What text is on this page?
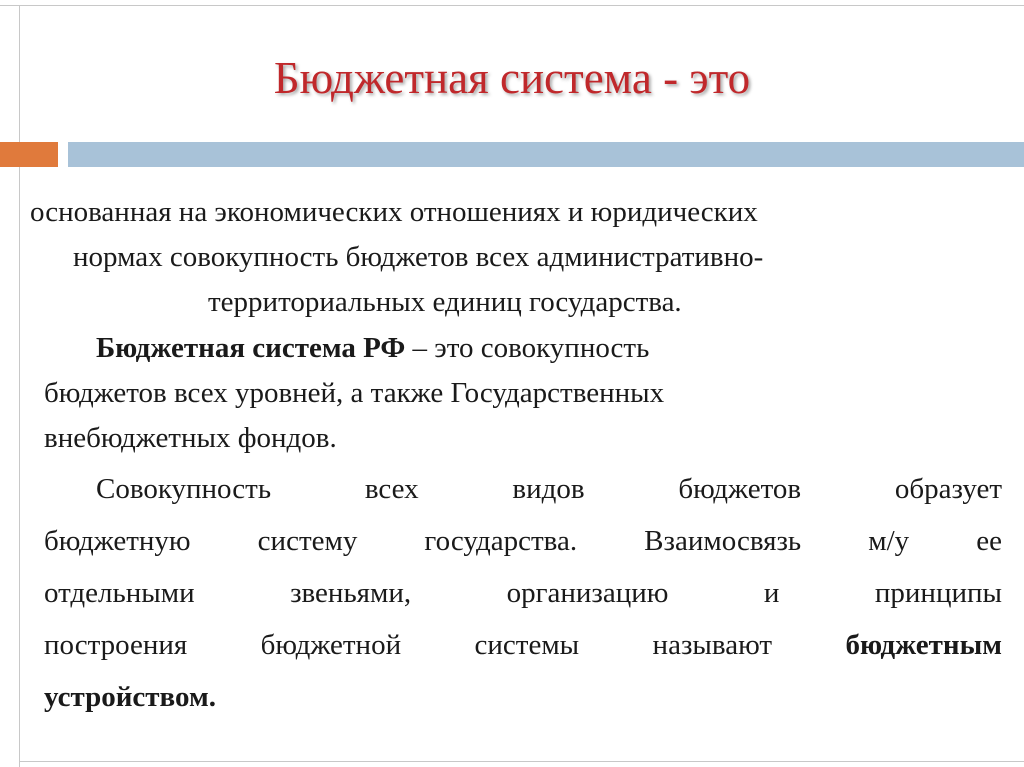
Бюджетная система - это
основанная на экономических отношениях и юридических
нормах совокупность бюджетов всех административно-
территориальных единиц государства.
Бюджетная система РФ – это совокупность
бюджетов всех уровней, а также Государственных
внебюджетных фондов.
Совокупность всех видов бюджетов образует
бюджетную систему государства. Взаимосвязь м/у ее
отдельными звеньями, организацию и принципы
построения бюджетной системы называют бюджетным
устройством.
